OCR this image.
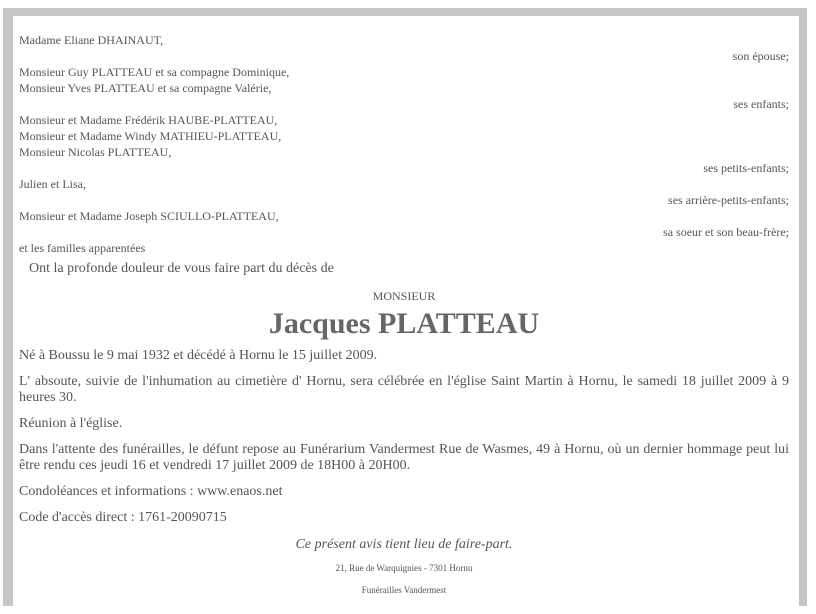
Madame Eliane DHAINAUT,
son épouse;
Monsieur Guy PLATTEAU et sa compagne Dominique,
Monsieur Yves PLATTEAU et sa compagne Valérie,
ses enfants;
Monsieur et Madame Frédérik HAUBE-PLATTEAU,
Monsieur et Madame Windy MATHIEU-PLATTEAU,
Monsieur Nicolas PLATTEAU,
ses petits-enfants;
Julien et Lisa,
ses arrière-petits-enfants;
Monsieur et Madame Joseph SCIULLO-PLATTEAU,
sa soeur et son beau-frère;
et les familles apparentées
Ont la profonde douleur de vous faire part du décès de
MONSIEUR
Jacques PLATTEAU
Né à Boussu le 9 mai 1932 et décédé à Hornu le 15 juillet 2009.
L' absoute, suivie de l'inhumation au cimetière d' Hornu, sera célébrée en l'église Saint Martin à Hornu, le samedi 18 juillet 2009 à 9 heures 30.
Réunion à l'église.
Dans l'attente des funérailles, le défunt repose au Funérarium Vandermest Rue de Wasmes, 49 à Hornu, où un dernier hommage peut lui être rendu ces jeudi 16 et vendredi 17 juillet 2009 de 18H00 à 20H00.
Condoléances et informations : www.enaos.net
Code d'accès direct : 1761-20090715
Ce présent avis tient lieu de faire-part.
21, Rue de Warquignies - 7301 Hornu
Funérailles Vandermest
